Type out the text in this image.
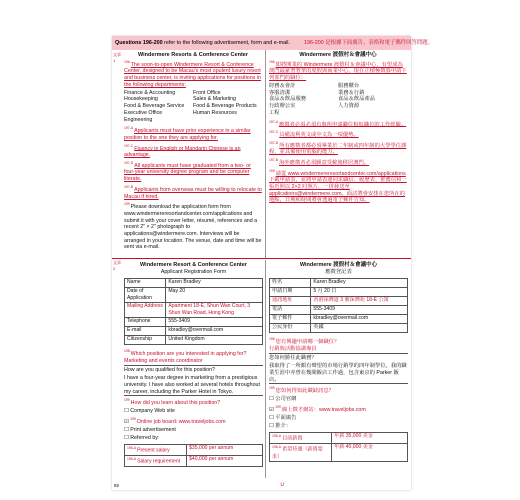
Questions 196-200 refer to the following advertisement, form and e-mail.	196-200 是根據下面廣告、表格和電子郵件回答問題。
文章1
文章2
Windermere Resorts & Conference Center

$^{196}$The soon-to-open Windermere Resort & Conference Center, designed to be Macau's most opulent luxury resort and business center, is inviting applications for positions in the following departments:

Finance & Accounting	Front Office
Housekeeping	Sales & Marketing
Food & Beverage Service	Food & Beverage Products
Executive Office	Human Resources
Engineering

$^{197-A}$Applicants must have prior experience in a similar position to the one they are applying for.

$^{197-C}$Fluency in English or Mandarin Chinese is an advantage.

$^{197-D}$All applicants must have graduated from a two- or four-year university degree program and be computer literate.

$^{197-B}$Applicants from overseas must be willing to relocate to Macau if hired.

$^{199}$Please download the application form from www.windermereresortandcenter.com/applications and submit it with your cover letter, résumé, references and a recent 2" × 2" photograph to applications@windermere.com. Interviews will be arranged in your location. The venue, date and time will be sent via e-mail.

Windermere 渡假村＆會議中心

$^{196}$即將開業的 Windermere 渡假村＆會議中心，有望成為澳門最豪奢奢華的度假與商業中心，現在正積極徵募申請下列部門的職位：

財務＆會計	服務櫃台
客服清潔	業務＆行銷
食品＆飲品服務	食品＆飲品產品
行政辦公室	人力資源
工程

$^{197-A}$應徵者必須必須有與所申請職位相似職位的工作經驗。

$^{197-C}$具備流利英文或中文為一項優勢。

$^{197-D}$所有應徵者都必須畢業於二年制或四年制的大學學位課程，並具備使用電腦的能力。

$^{197-B}$海外應徵者必須願意受僱後移居澳門。

$^{199}$請從 www.windermereresortandcenter.com/applications 下載申請表，並將申請表連同求職信、履歷表、推薦信和一張近照以 2×2 吋照片，一併發送至 applications@windermere.com。面試將會安排在您所在的地點，日期和時間將會透過電子郵件告知。

Windermere Resort & Conference Center
Applicant Registration Form
Name	Karen Bradley
Date of Application	May 20
Mailing Address	Apartment 18-E, Shun Wan Court, 3 Shun Wan Road, Hong Kong
Telephone	555-3409
E-mail	kbradley@overmail.com
Citizenship	United Kingdom

$^{198}$Which position are you interested in applying for?

Marketing and events coordinator

How are you qualified for this position?

I have a four-year degree in marketing from a prestigious university. I have also worked at several hotels throughout my career, including the Parker Hotel in Tokyo.

$^{199}$How did you learn about this position?

☐ Company Web site

☑ $^{199}$Online job board: www.traveljobs.com

☐ Print advertisement

☐ Referred by:

$^{196-A}$Present salary	$35,000 per annum
$^{196-A}$Salary requirement	$40,000 per annum
Windermere 渡假村＆會議中心
應徵登記表
姓名	Karen Bradley
申請日期	5 月 20 日
通訊地址	香港深灣道 3 號深灣苑 18-E 公寓
電話	555-3409
電子郵件	kbradley@overmail.com
公民身份	英國

$^{198}$您有興趣申請哪一個職位？

行銷與活動協調專員

您如何勝任此職務？

我取得了一所頗有聲望的市場行銷學的四年制學位。我的職業生涯中亦曾在幾間飯店工作過，包含東京的 Parker 飯店。

$^{199}$您如何得知此職缺訊息？

☐ 公司官網

☑ $^{199}$線上徵才網站：www.traveljobs.com

☐ 平面廣告

☐ 推介：

$^{196-A}$目前薪資	年薪 35,000 美金
$^{196-A}$希望待遇（薪資要求）	年薪 40,000 美金
92	∪
